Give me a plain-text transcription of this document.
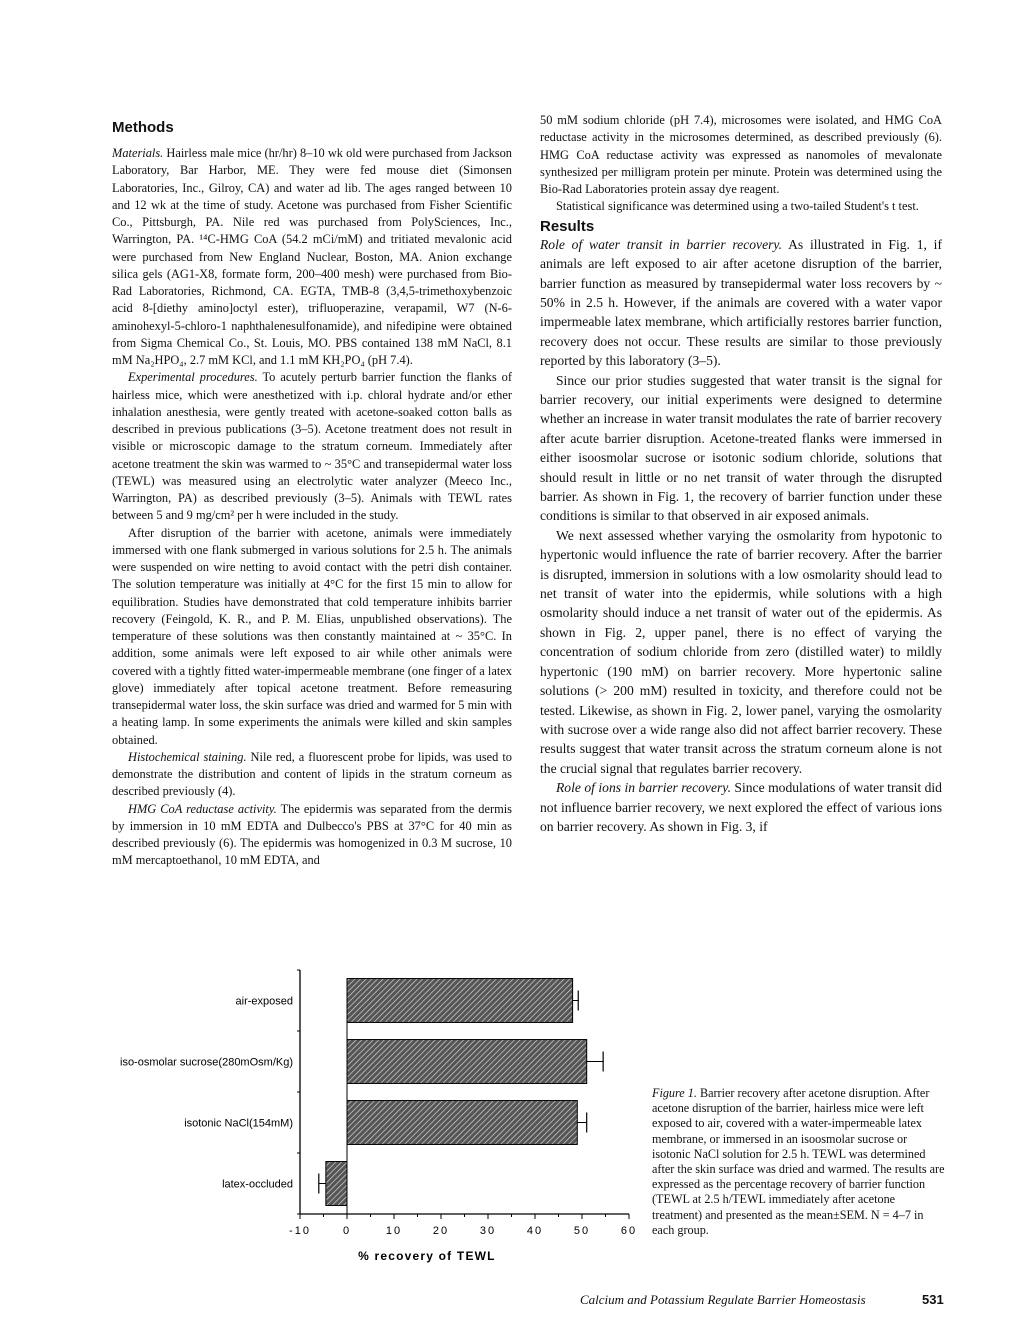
Methods

Materials. Hairless male mice (hr/hr) 8–10 wk old were purchased from Jackson Laboratory, Bar Harbor, ME. They were fed mouse diet (Simonsen Laboratories, Inc., Gilroy, CA) and water ad lib. The ages ranged between 10 and 12 wk at the time of study. Acetone was purchased from Fisher Scientific Co., Pittsburgh, PA. Nile red was purchased from PolySciences, Inc., Warrington, PA. ¹⁴C-HMG CoA (54.2 mCi/mM) and tritiated mevalonic acid were purchased from New England Nuclear, Boston, MA. Anion exchange silica gels (AG1-X8, formate form, 200–400 mesh) were purchased from Bio-Rad Laboratories, Richmond, CA. EGTA, TMB-8 (3,4,5-trimethoxybenzoic acid 8-[diethy amino]octyl ester), trifluoperazine, verapamil, W7 (N-6-aminohexyl-5-chloro-1 naphthalenesulfonamide), and nifedipine were obtained from Sigma Chemical Co., St. Louis, MO. PBS contained 138 mM NaCl, 8.1 mM Na₂HPO₄, 2.7 mM KCl, and 1.1 mM KH₂PO₄ (pH 7.4).

Experimental procedures. To acutely perturb barrier function the flanks of hairless mice, which were anesthetized with i.p. chloral hydrate and/or ether inhalation anesthesia, were gently treated with acetone-soaked cotton balls as described in previous publications (3–5). Acetone treatment does not result in visible or microscopic damage to the stratum corneum. Immediately after acetone treatment the skin was warmed to ~ 35°C and transepidermal water loss (TEWL) was measured using an electrolytic water analyzer (Meeco Inc., Warrington, PA) as described previously (3–5). Animals with TEWL rates between 5 and 9 mg/cm² per h were included in the study.

After disruption of the barrier with acetone, animals were immediately immersed with one flank submerged in various solutions for 2.5 h. The animals were suspended on wire netting to avoid contact with the petri dish container. The solution temperature was initially at 4°C for the first 15 min to allow for equilibration. Studies have demonstrated that cold temperature inhibits barrier recovery (Feingold, K. R., and P. M. Elias, unpublished observations). The temperature of these solutions was then constantly maintained at ~ 35°C. In addition, some animals were left exposed to air while other animals were covered with a tightly fitted water-impermeable membrane (one finger of a latex glove) immediately after topical acetone treatment. Before remeasuring transepidermal water loss, the skin surface was dried and warmed for 5 min with a heating lamp. In some experiments the animals were killed and skin samples obtained.

Histochemical staining. Nile red, a fluorescent probe for lipids, was used to demonstrate the distribution and content of lipids in the stratum corneum as described previously (4).

HMG CoA reductase activity. The epidermis was separated from the dermis by immersion in 10 mM EDTA and Dulbecco's PBS at 37°C for 40 min as described previously (6). The epidermis was homogenized in 0.3 M sucrose, 10 mM mercaptoethanol, 10 mM EDTA, and

50 mM sodium chloride (pH 7.4), microsomes were isolated, and HMG CoA reductase activity in the microsomes determined, as described previously (6). HMG CoA reductase activity was expressed as nanomoles of mevalonate synthesized per milligram protein per minute. Protein was determined using the Bio-Rad Laboratories protein assay dye reagent.

Statistical significance was determined using a two-tailed Student's t test.

Results

Role of water transit in barrier recovery. As illustrated in Fig. 1, if animals are left exposed to air after acetone disruption of the barrier, barrier function as measured by transepidermal water loss recovers by ~ 50% in 2.5 h. However, if the animals are covered with a water vapor impermeable latex membrane, which artificially restores barrier function, recovery does not occur. These results are similar to those previously reported by this laboratory (3–5).

Since our prior studies suggested that water transit is the signal for barrier recovery, our initial experiments were designed to determine whether an increase in water transit modulates the rate of barrier recovery after acute barrier disruption. Acetone-treated flanks were immersed in either isoosmolar sucrose or isotonic sodium chloride, solutions that should result in little or no net transit of water through the disrupted barrier. As shown in Fig. 1, the recovery of barrier function under these conditions is similar to that observed in air exposed animals.

We next assessed whether varying the osmolarity from hypotonic to hypertonic would influence the rate of barrier recovery. After the barrier is disrupted, immersion in solutions with a low osmolarity should lead to net transit of water into the epidermis, while solutions with a high osmolarity should induce a net transit of water out of the epidermis. As shown in Fig. 2, upper panel, there is no effect of varying the concentration of sodium chloride from zero (distilled water) to mildly hypertonic (190 mM) on barrier recovery. More hypertonic saline solutions (> 200 mM) resulted in toxicity, and therefore could not be tested. Likewise, as shown in Fig. 2, lower panel, varying the osmolarity with sucrose over a wide range also did not affect barrier recovery. These results suggest that water transit across the stratum corneum alone is not the crucial signal that regulates barrier recovery.

Role of ions in barrier recovery. Since modulations of water transit did not influence barrier recovery, we next explored the effect of various ions on barrier recovery. As shown in Fig. 3, if

-10	0	10	20	30	40	50	60
% recovery of TEWL
air-exposed
iso-osmolar sucrose(280mOsm/Kg)
isotonic NaCl(154mM)
latex-occluded
Figure 1. Barrier recovery after acetone disruption. After acetone disruption of the barrier, hairless mice were left exposed to air, covered with a water-impermeable latex membrane, or immersed in an isoosmolar sucrose or isotonic NaCl solution for 2.5 h. TEWL was determined after the skin surface was dried and warmed. The results are expressed as the percentage recovery of barrier function (TEWL at 2.5 h/TEWL immediately after acetone treatment) and presented as the mean±SEM. N = 4–7 in each group.
Calcium and Potassium Regulate Barrier Homeostasis	531
